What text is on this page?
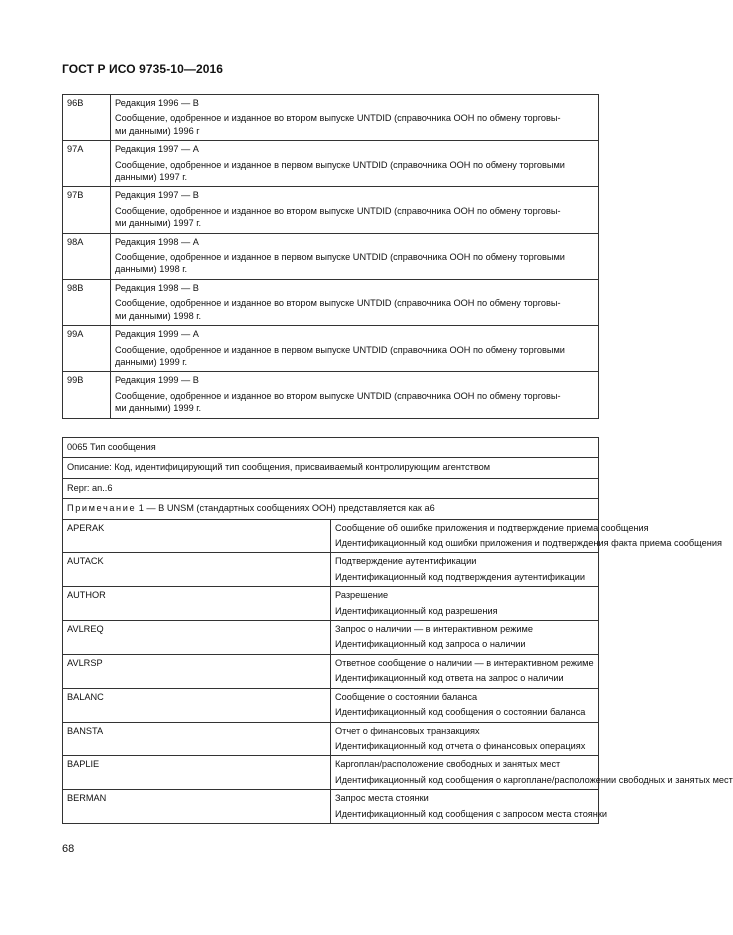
ГОСТ Р ИСО 9735-10—2016
96B	Редакция 1996 — B
Сообщение, одобренное и изданное во втором выпуске UNTDID (справочника ООН по обмену торговы-
ми данными) 1996 г

97A	Редакция 1997 — A
Сообщение, одобренное и изданное в первом выпуске UNTDID (справочника ООН по обмену торговыми
данными) 1997 г.

97B	Редакция 1997 — B
Сообщение, одобренное и изданное во втором выпуске UNTDID (справочника ООН по обмену торговы-
ми данными) 1997 г.

98A	Редакция 1998 — A
Сообщение, одобренное и изданное в первом выпуске UNTDID (справочника ООН по обмену торговыми
данными) 1998 г.

98B	Редакция 1998 — B
Сообщение, одобренное и изданное во втором выпуске UNTDID (справочника ООН по обмену торговы-
ми данными) 1998 г.

99A	Редакция 1999 — A
Сообщение, одобренное и изданное в первом выпуске UNTDID (справочника ООН по обмену торговыми
данными) 1999 г.

99B	Редакция 1999 — B
Сообщение, одобренное и изданное во втором выпуске UNTDID (справочника ООН по обмену торговы-
ми данными) 1999 г.
0065 Тип сообщения	
Описание: Код, идентифицирующий тип сообщения, присваиваемый контролирующим агентством	
Repr: an..6	
Примечание 1 — В UNSM (стандартных сообщениях ООН) представляется как а6	
APERAK	Сообщение об ошибке приложения и подтверждение приема сообщения
Идентификационный код ошибки приложения и подтверждения факта приема сообщения

AUTACK	Подтверждение аутентификации
Идентификационный код подтверждения аутентификации

AUTHOR	Разрешение
Идентификационный код разрешения

AVLREQ	Запрос о наличии — в интерактивном режиме
Идентификационный код запроса о наличии

AVLRSP	Ответное сообщение о наличии — в интерактивном режиме
Идентификационный код ответа на запрос о наличии

BALANC	Сообщение о состоянии баланса
Идентификационный код сообщения о состоянии баланса

BANSTA	Отчет о финансовых транзакциях
Идентификационный код отчета о финансовых операциях

BAPLIE	Каргоплан/расположение свободных и занятых мест
Идентификационный код сообщения о каргоплане/расположении свободных и занятых мест

BERMAN	Запрос места стоянки
Идентификационный код сообщения с запросом места стоянки
68
